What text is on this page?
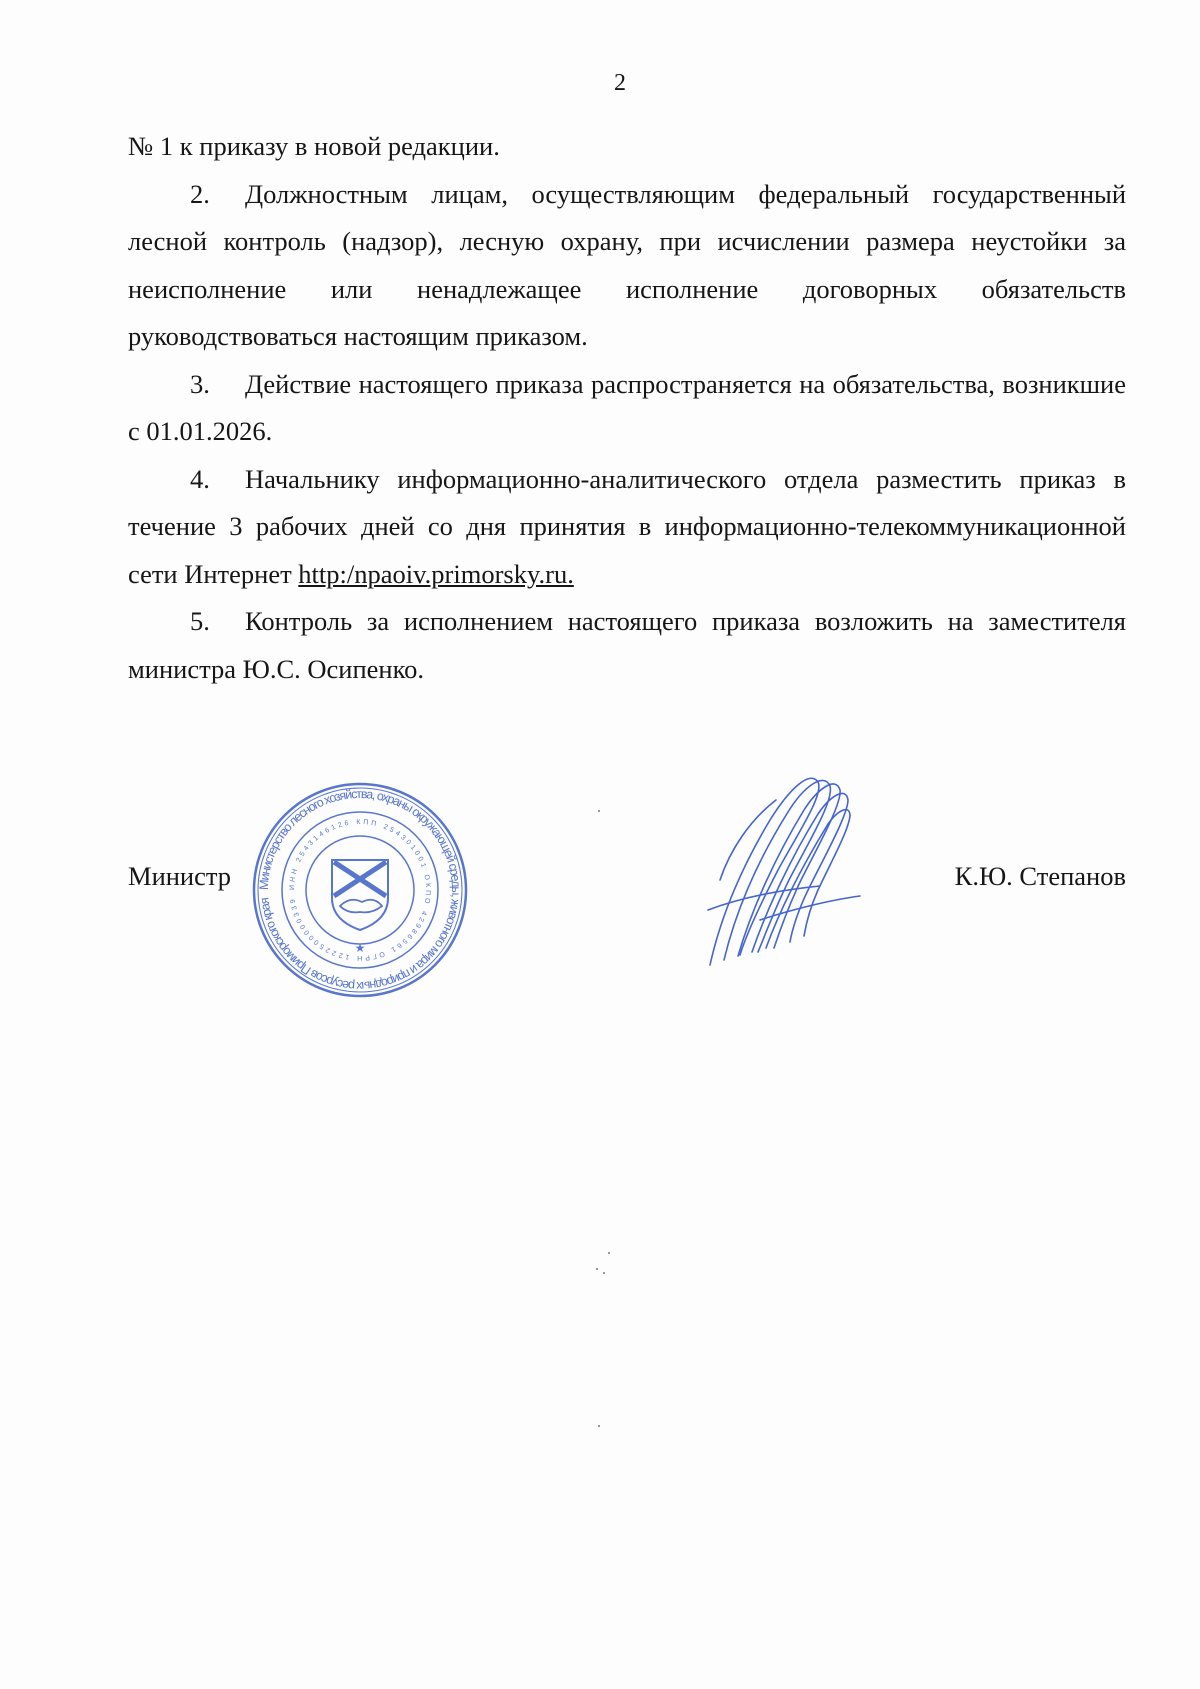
2

№ 1 к приказу в новой редакции.

2. Должностным лицам, осуществляющим федеральный государственный лесной контроль (надзор), лесную охрану, при исчислении размера неустойки за неисполнение или ненадлежащее исполнение договорных обязательств руководствоваться настоящим приказом.

3. Действие настоящего приказа распространяется на обязательства, возникшие с 01.01.2026.

4. Начальнику информационно-аналитического отдела разместить приказ в течение 3 рабочих дней со дня принятия в информационно-телекоммуникационной сети Интернет http:/npaoiv.primorsky.ru.

5. Контроль за исполнением настоящего приказа возложить на заместителя министра Ю.С. Осипенко.

Министерство лесного хозяйства, охраны окружающей среды, животного мира и природных ресурсов Приморского края
ИНН 2543146126 КПП 254301001 ОКПО 42986561 ОГРН 1222500000339
★
Министр	К.Ю. Степанов
